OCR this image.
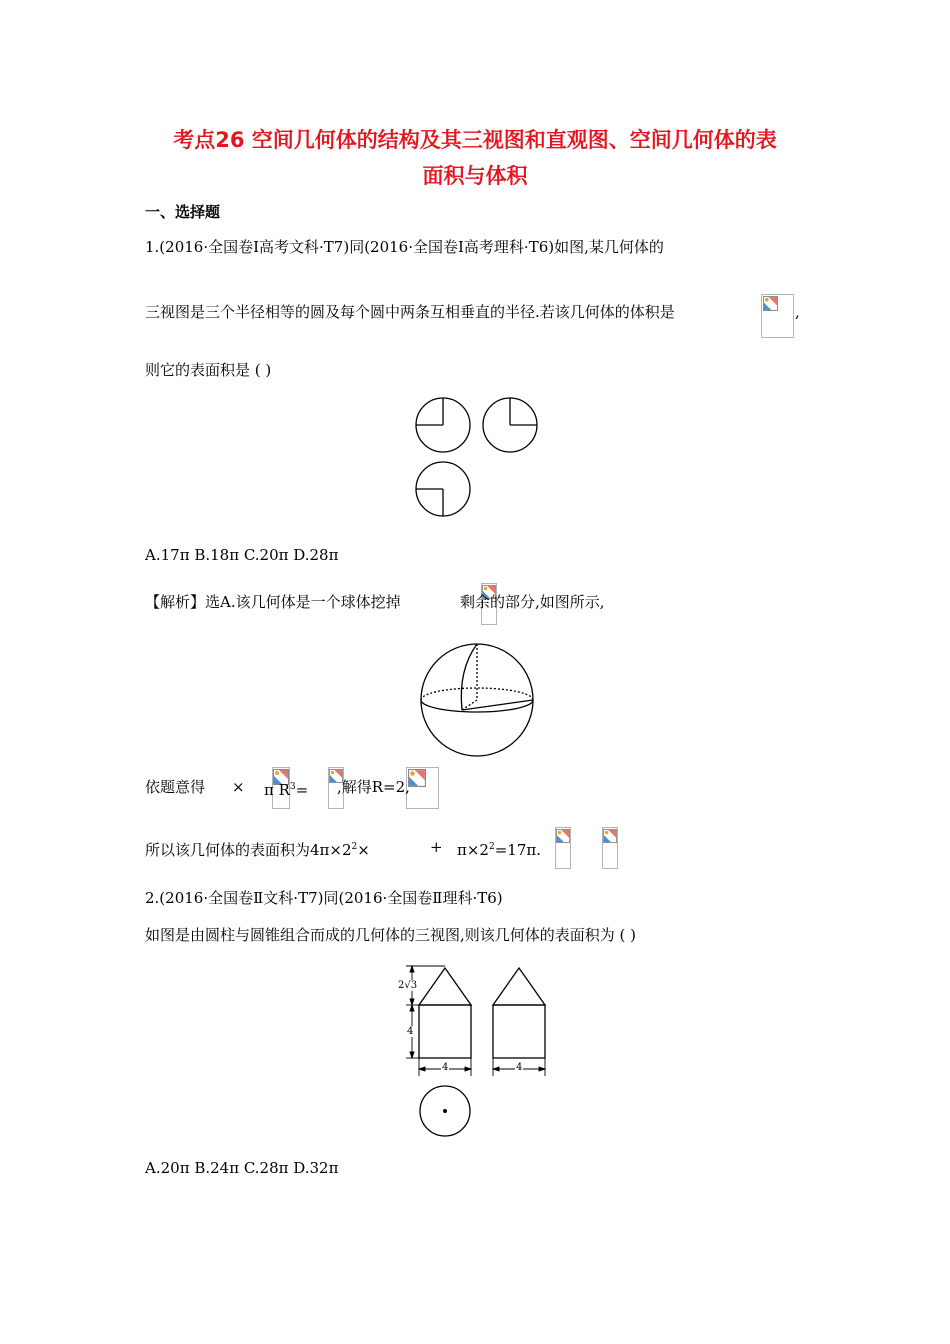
考点26 空间几何体的结构及其三视图和直观图、空间几何体的表
面积与体积
一、选择题
1.(2016·全国卷Ⅰ高考文科·T7)同(2016·全国卷Ⅰ高考理科·T6)如图,某几何体的
三视图是三个半径相等的圆及每个圆中两条互相垂直的半径.若该几何体的体积是
	,
则它的表面积是 ( )
A.17π B.18π C.20π D.28π
【解析】选A.该几何体是一个球体挖掉
	剩余的部分,如图所示,
依题意得
×
π $R^3=$
,解得R=2,
所以该几何体的表面积为$4\pi\times 2^2\times$
	+ $\pi\times 2^2=17\pi$.
2.(2016·全国卷Ⅱ文科·T7)同(2016·全国卷Ⅱ理科·T6)
如图是由圆柱与圆锥组合而成的几何体的三视图,则该几何体的表面积为 ( )
2√3
4
4	4
A.20π B.24π C.28π D.32π
